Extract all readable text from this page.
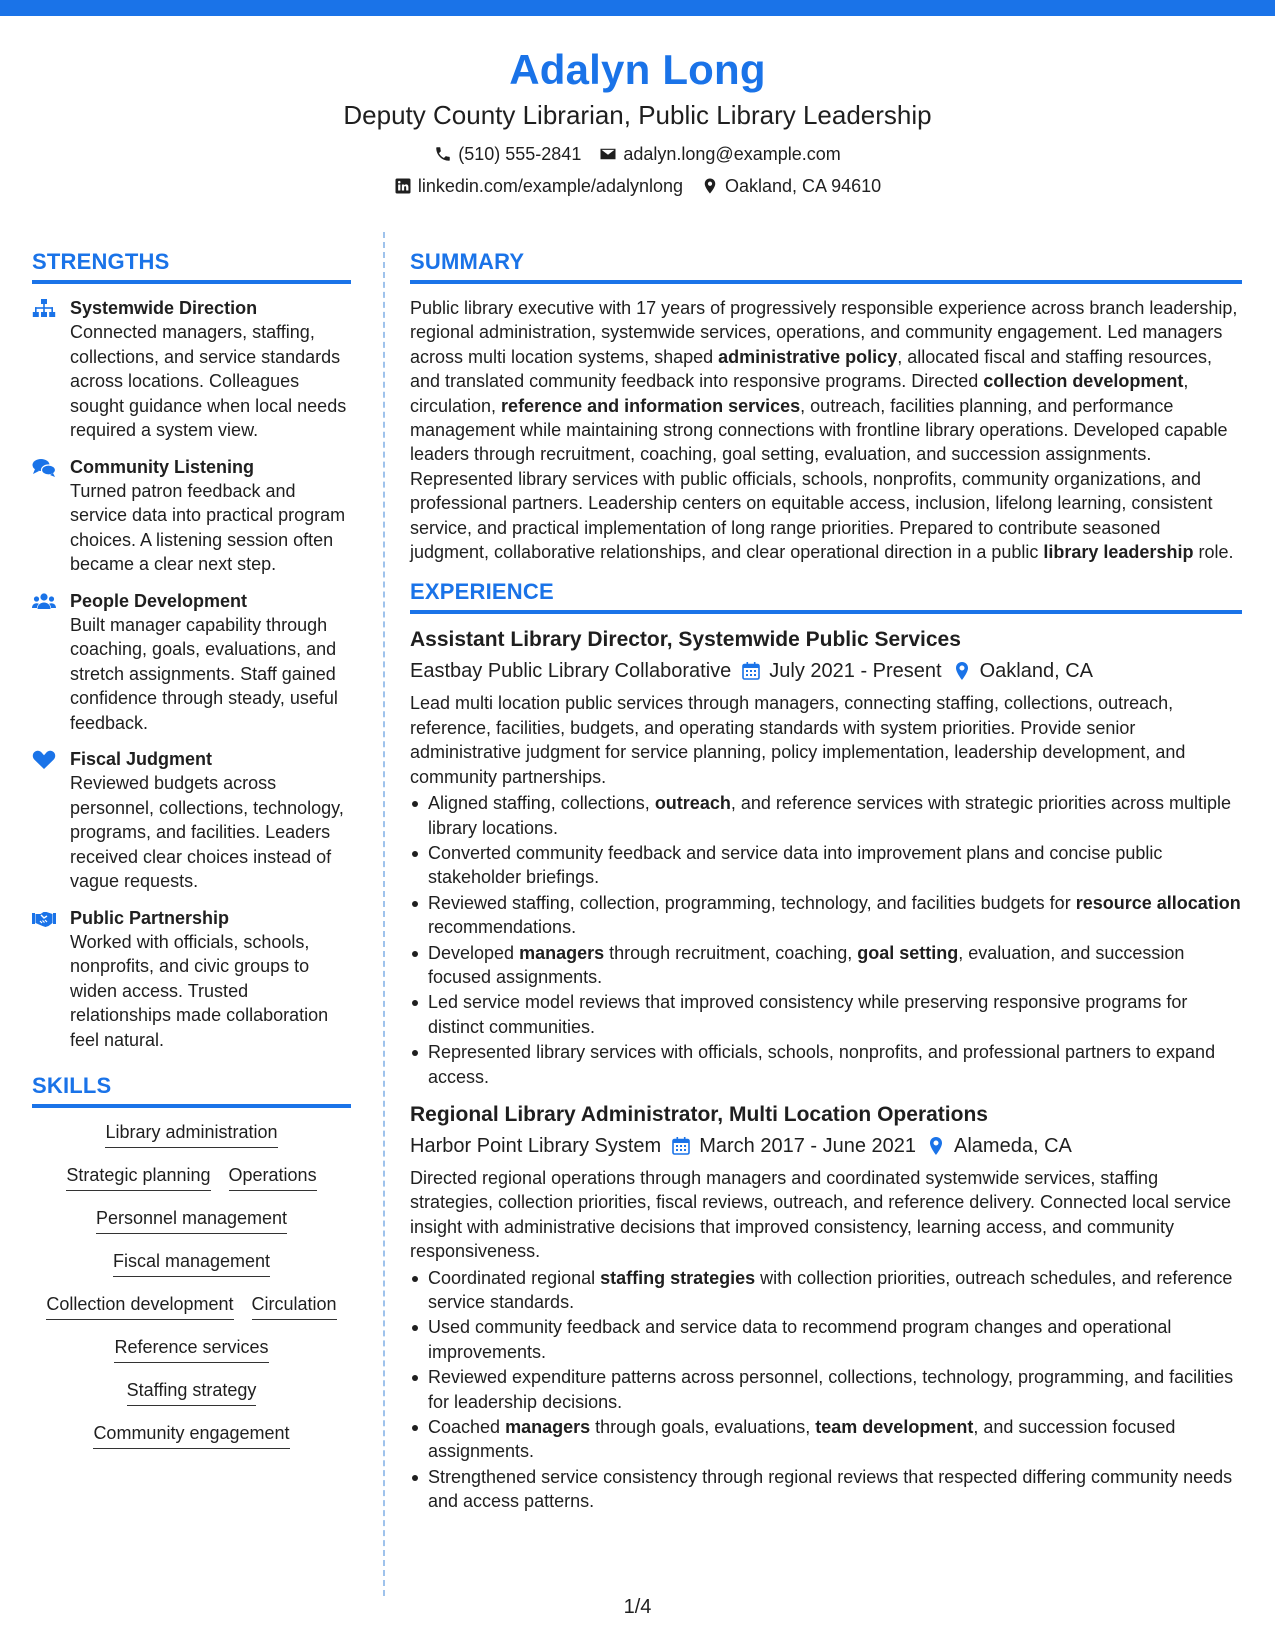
Adalyn Long
Deputy County Librarian, Public Library Leadership
(510) 555-2841 adalyn.long@example.com
linkedin.com/example/adalynlong Oakland, CA 94610
STRENGTHS
Systemwide Direction
Connected managers, staffing, collections, and service standards across locations. Colleagues sought guidance when local needs required a system view.
Community Listening
Turned patron feedback and service data into practical program choices. A listening session often became a clear next step.
People Development
Built manager capability through coaching, goals, evaluations, and stretch assignments. Staff gained confidence through steady, useful feedback.
Fiscal Judgment
Reviewed budgets across personnel, collections, technology, programs, and facilities. Leaders received clear choices instead of vague requests.
Public Partnership
Worked with officials, schools, nonprofits, and civic groups to widen access. Trusted relationships made collaboration feel natural.
SKILLS
Library administration
Strategic planning Operations
Personnel management
Fiscal management
Collection development Circulation
Reference services
Staffing strategy
Community engagement
SUMMARY

Public library executive with 17 years of progressively responsible experience across branch leadership, regional administration, systemwide services, operations, and community engagement. Led managers across multi location systems, shaped administrative policy, allocated fiscal and staffing resources, and translated community feedback into responsive programs. Directed collection development, circulation, reference and information services, outreach, facilities planning, and performance management while maintaining strong connections with frontline library operations. Developed capable leaders through recruitment, coaching, goal setting, evaluation, and succession assignments. Represented library services with public officials, schools, nonprofits, community organizations, and professional partners. Leadership centers on equitable access, inclusion, lifelong learning, consistent service, and practical implementation of long range priorities. Prepared to contribute seasoned judgment, collaborative relationships, and clear operational direction in a public library leadership role.

EXPERIENCE
Assistant Library Director, Systemwide Public Services
Eastbay Public Library Collaborative July 2021 - Present Oakland, CA

Lead multi location public services through managers, connecting staffing, collections, outreach, reference, facilities, budgets, and operating standards with system priorities. Provide senior administrative judgment for service planning, policy implementation, leadership development, and community partnerships.

Aligned staffing, collections, outreach, and reference services with strategic priorities across multiple library locations.
Converted community feedback and service data into improvement plans and concise public stakeholder briefings.
Reviewed staffing, collection, programming, technology, and facilities budgets for resource allocation recommendations.
Developed managers through recruitment, coaching, goal setting, evaluation, and succession focused assignments.
Led service model reviews that improved consistency while preserving responsive programs for distinct communities.
Represented library services with officials, schools, nonprofits, and professional partners to expand access.
Regional Library Administrator, Multi Location Operations
Harbor Point Library System March 2017 - June 2021 Alameda, CA

Directed regional operations through managers and coordinated systemwide services, staffing strategies, collection priorities, fiscal reviews, outreach, and reference delivery. Connected local service insight with administrative decisions that improved consistency, learning access, and community responsiveness.

Coordinated regional staffing strategies with collection priorities, outreach schedules, and reference service standards.
Used community feedback and service data to recommend program changes and operational improvements.
Reviewed expenditure patterns across personnel, collections, technology, programming, and facilities for leadership decisions.
Coached managers through goals, evaluations, team development, and succession focused assignments.
Strengthened service consistency through regional reviews that respected differing community needs and access patterns.
1/4
